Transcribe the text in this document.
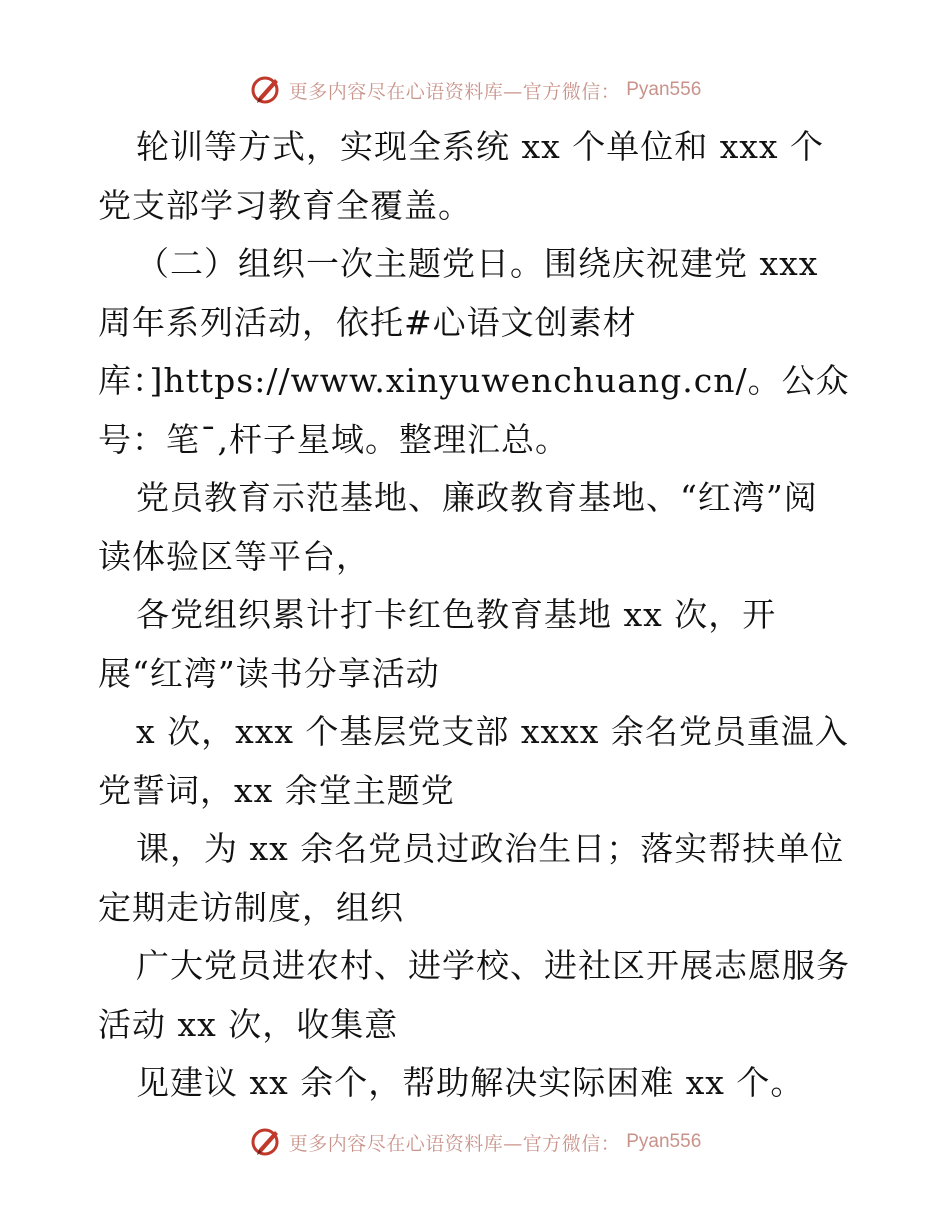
更多内容尽在心语资料库—官方微信： Pyan556
轮训等方式，实现全系统 xx 个单位和 xxx 个
党支部学习教育全覆盖。
（二）组织一次主题党日。围绕庆祝建党 xxx
周年系列活动，依托#心语文创素材
库：]https://www.xinyuwenchuang.cn/。公众
号：笔¯,杆子星域。整理汇总。
党员教育示范基地、廉政教育基地、“红湾”阅
读体验区等平台，
各党组织累计打卡红色教育基地 xx 次，开
展“红湾”读书分享活动
x 次，xxx 个基层党支部 xxxx 余名党员重温入
党誓词，xx 余堂主题党
课，为 xx 余名党员过政治生日；落实帮扶单位
定期走访制度，组织
广大党员进农村、进学校、进社区开展志愿服务
活动 xx 次，收集意
见建议 xx 余个，帮助解决实际困难 xx 个。
更多内容尽在心语资料库—官方微信： Pyan556
